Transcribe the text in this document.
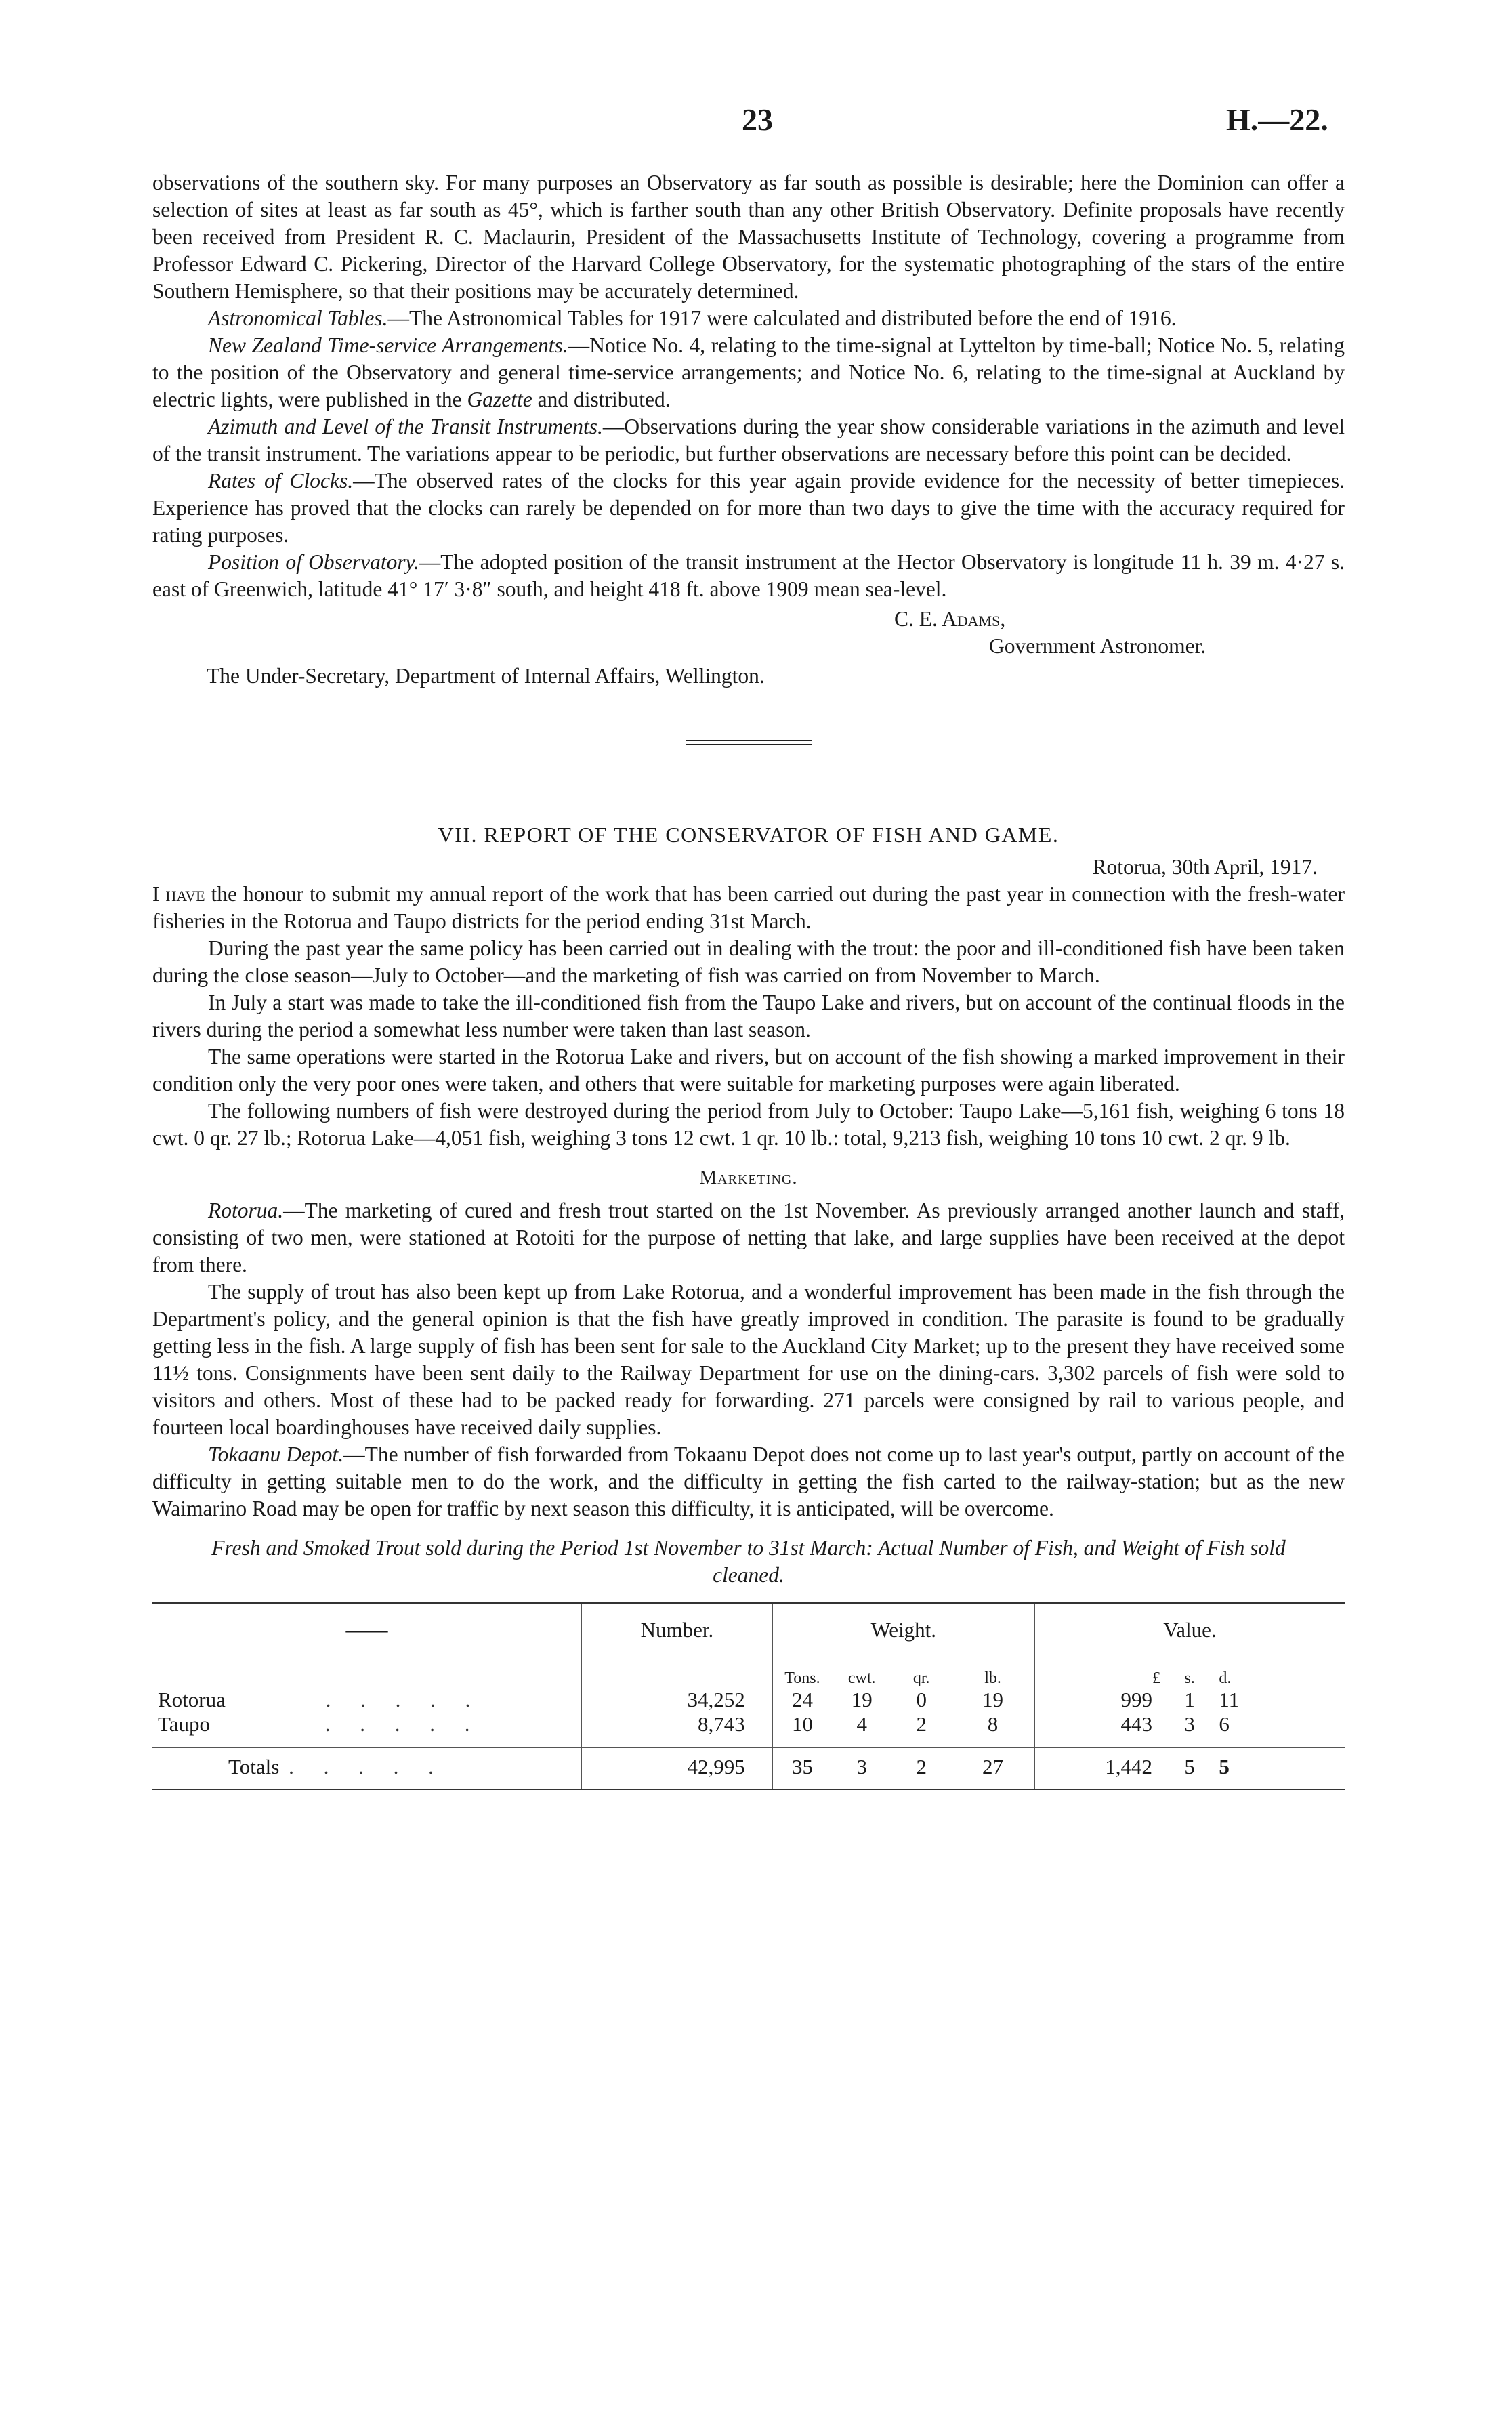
23	H.—22.

observations of the southern sky. For many purposes an Observatory as far south as possible is desirable; here the Dominion can offer a selection of sites at least as far south as 45°, which is farther south than any other British Observatory. Definite proposals have recently been received from President R. C. Maclaurin, President of the Massachusetts Institute of Technology, covering a programme from Professor Edward C. Pickering, Director of the Harvard College Observatory, for the systematic photographing of the stars of the entire Southern Hemisphere, so that their positions may be accurately determined.

Astronomical Tables.—The Astronomical Tables for 1917 were calculated and distributed before the end of 1916.

New Zealand Time-service Arrangements.—Notice No. 4, relating to the time-signal at Lyttelton by time-ball; Notice No. 5, relating to the position of the Observatory and general time-service arrangements; and Notice No. 6, relating to the time-signal at Auckland by electric lights, were published in the Gazette and distributed.

Azimuth and Level of the Transit Instruments.—Observations during the year show considerable variations in the azimuth and level of the transit instrument. The variations appear to be periodic, but further observations are necessary before this point can be decided.

Rates of Clocks.—The observed rates of the clocks for this year again provide evidence for the necessity of better timepieces. Experience has proved that the clocks can rarely be depended on for more than two days to give the time with the accuracy required for rating purposes.

Position of Observatory.—The adopted position of the transit instrument at the Hector Observatory is longitude 11 h. 39 m. 4·27 s. east of Greenwich, latitude 41° 17′ 3·8″ south, and height 418 ft. above 1909 mean sea-level.

C. E. Adams,
Government Astronomer.
The Under-Secretary, Department of Internal Affairs, Wellington.
VII. REPORT OF THE CONSERVATOR OF FISH AND GAME.
Rotorua, 30th April, 1917.

I have the honour to submit my annual report of the work that has been carried out during the past year in connection with the fresh-water fisheries in the Rotorua and Taupo districts for the period ending 31st March.

During the past year the same policy has been carried out in dealing with the trout: the poor and ill-conditioned fish have been taken during the close season—July to October—and the marketing of fish was carried on from November to March.

In July a start was made to take the ill-conditioned fish from the Taupo Lake and rivers, but on account of the continual floods in the rivers during the period a somewhat less number were taken than last season.

The same operations were started in the Rotorua Lake and rivers, but on account of the fish showing a marked improvement in their condition only the very poor ones were taken, and others that were suitable for marketing purposes were again liberated.

The following numbers of fish were destroyed during the period from July to October: Taupo Lake—5,161 fish, weighing 6 tons 18 cwt. 0 qr. 27 lb.; Rotorua Lake—4,051 fish, weighing 3 tons 12 cwt. 1 qr. 10 lb.: total, 9,213 fish, weighing 10 tons 10 cwt. 2 qr. 9 lb.

Marketing.

Rotorua.—The marketing of cured and fresh trout started on the 1st November. As previously arranged another launch and staff, consisting of two men, were stationed at Rotoiti for the purpose of netting that lake, and large supplies have been received at the depot from there.

The supply of trout has also been kept up from Lake Rotorua, and a wonderful improvement has been made in the fish through the Department's policy, and the general opinion is that the fish have greatly improved in condition. The parasite is found to be gradually getting less in the fish. A large supply of fish has been sent for sale to the Auckland City Market; up to the present they have received some 11½ tons. Consignments have been sent daily to the Railway Department for use on the dining-cars. 3,302 parcels of fish were sold to visitors and others. Most of these had to be packed ready for forwarding. 271 parcels were consigned by rail to various people, and fourteen local boardinghouses have received daily supplies.

Tokaanu Depot.—The number of fish forwarded from Tokaanu Depot does not come up to last year's output, partly on account of the difficulty in getting suitable men to do the work, and the difficulty in getting the fish carted to the railway-station; but as the new Waimarino Road may be open for traffic by next season this difficulty, it is anticipated, will be overcome.

Fresh and Smoked Trout sold during the Period 1st November to 31st March: Actual Number of Fish, and Weight of Fish sold cleaned.
——	Number.	Weight.				Value.		
		Tons.	cwt.	qr.	lb.	£	s.	d.
Rotorua . . . . .	34,252	24	19	0	19	999	1	11
Taupo . . . . .	8,743	10	4	2	8	443	3	6
Totals . . . . .	42,995	35	3	2	27	1,442	5	5
